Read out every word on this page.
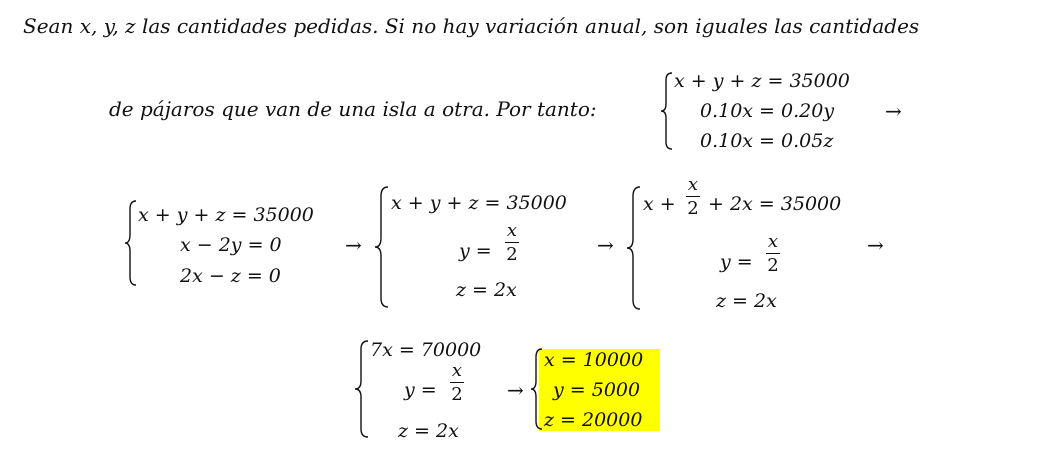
Sean x, y, z las cantidades pedidas. Si no hay variación anual, son iguales las cantidades
de pájaros que van de una isla a otra. Por tanto:
x + y + z = 35000
0.10x = 0.20y
0.10x = 0.05z
→
x + y + z = 35000
x − 2y = 0
2x − z = 0
→
x + y + z = 35000
y =
x
2
z = 2x
→
x +
x
2 + 2x = 35000
y =
x
2
z = 2x
→
7x = 70000
y =
x
2
z = 2x
→
x = 10000
y = 5000
z = 20000
